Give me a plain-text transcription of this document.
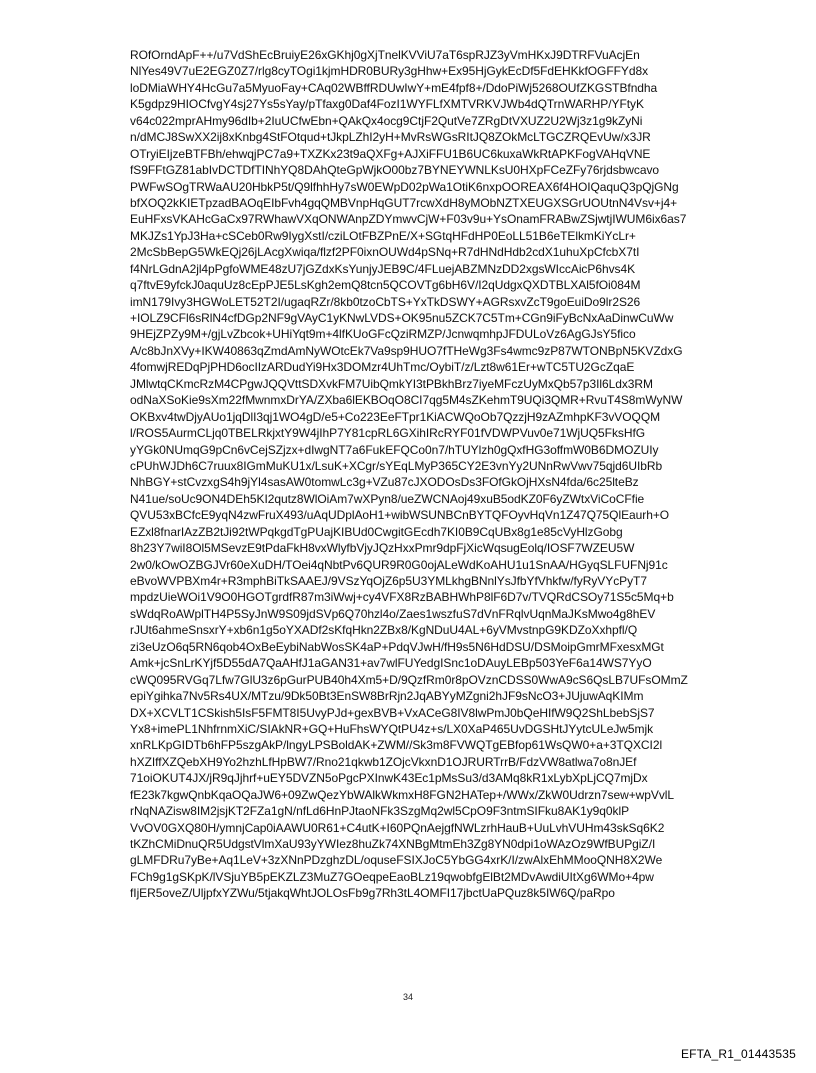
ROfOrndApF++/u7VdShEcBruiyE26xGKhj0gXjTnelKVViU7aT6spRJZ3yVmHKxJ9DTRFVuAcjEn
NlYes49V7uE2EGZ0Z7/rlg8cyTOgi1kjmHDR0BURy3gHhw+Ex95HjGykEcDf5FdEHKkfOGFFYd8x
loDMiaWHY4HcGu7a5MyuoFay+CAq02WBffRDUwIwY+mE4fpf8+/DdoPiWj5268OUfZKGSTBfndha
K5gdpz9HIOCfvgY4sj27Ys5sYay/pTfaxg0Daf4FozI1WYFLfXMTVRKVJWb4dQTrnWARHP/YFtyK
v64c022mprAHmy96dIb+2IuUCfwEbn+QAkQx4ocg9CtjF2QutVe7ZRgDtVXUZ2U2Wj3z1g9kZyNi
n/dMCJ8SwXX2ij8xKnbg4StFOtqud+tJkpLZhI2yH+MvRsWGsRItJQ8ZOkMcLTGCZRQEvUw/x3JR
OTryiEIjzeBTFBh/ehwqjPC7a9+TXZKx23t9aQXFg+AJXiFFU1B6UC6kuxaWkRtAPKFogVAHqVNE
fS9FFtGZ81abIvDCTDfTINhYQ8DAhQteGpWjkO00bz7BYNEYWNLKsU0HXpFCeZFy76rjdsbwcavo
PWFwSOgTRWaAU20HbkP5t/Q9lfhhHy7sW0EWpD02pWa1OtiK6nxpOOREAX6f4HOIQaquQ3pQjGNg
bfXOQ2kKIETpzadBAOqEIbFvh4gqQMBVnpHqGUT7rcwXdH8yMObNZTXEUGXSGrUOUtnN4Vsv+j4+
EuHFxsVKAHcGaCx97RWhawVXqONWAnpZDYmwvCjW+F03v9u+YsOnamFRABwZSjwtjIWUM6ix6as7
MKJZs1YpJ3Ha+cSCeb0Rw9IygXstI/cziLOtFBZPnE/X+SGtqHFdHP0EoLL51B6eTElkmKiYcLr+
2McSbBepG5WkEQj26jLAcgXwiqa/flzf2PF0ixnOUWd4pSNq+R7dHNdHdb2cdX1uhuXpCfcbX7tI
f4NrLGdnA2jl4pPgfoWME48zU7jGZdxKsYunjyJEB9C/4FLuejABZMNzDD2xgsWIccAicP6hvs4K
q7ftvE9yfckJ0aquUz8cEpPJE5LsKgh2emQ8tcn5QCOVTg6bH6V/I2qUdgxQXDTBLXAl5fOi084M
imN179Ivy3HGWoLET52T2I/ugaqRZr/8kb0tzoCbTS+YxTkDSWY+AGRsxvZcT9goEuiDo9lr2S26
+IOLZ9CFl6sRlN4cfDGp2NF9gVAyC1yKNwLVDS+OK95nu5ZCK7C5Tm+CGn9iFyBcNxAaDinwCuWw
9HEjZPZy9M+/gjLvZbcok+UHiYqt9m+4lfKUoGFcQziRMZP/JcnwqmhpJFDULoVz6AgGJsY5fico
A/c8bJnXVy+IKW40863qZmdAmNyWOtcEk7Va9sp9HUO7fTHeWg3Fs4wmc9zP87WTONBpN5KVZdxG
4fomwjREDqPjPHD6ocIIzARDudYi9Hx3DOMzr4UhTmc/OybiT/z/Lzt8w61Er+wTC5TU2GcZqaE
JMlwtqCKmcRzM4CPgwJQQVttSDXvkFM7UibQmkYI3tPBkhBrz7iyeMFczUyMxQb57p3Il6Ldx3RM
odNaXSoKie9sXm22fMwnmxDrYA/ZXba6lEKBOqO8CI7qg5M4sZKehmT9UQi3QMR+RvuT4S8mWyNW
OKBxv4twDjyAUo1jqDlI3qj1WO4gD/e5+Co223EeFTpr1KiACWQoOb7QzzjH9zAZmhpKF3vVOQQM
l/ROS5AurmCLjq0TBELRkjxtY9W4jIhP7Y81cpRL6GXihIRcRYF01fVDWPVuv0e71WjUQ5FksHfG
yYGk0NUmqG9pCn6vCejSZjzx+dIwgNT7a6FukEFQCo0n7/hTUYlzh0gQxfHG3offmW0B6DMOZUIy
cPUhWJDh6C7ruux8IGmMuKU1x/LsuK+XCgr/sYEqLMyP365CY2E3vnYy2UNnRwVwv75qjd6UIbRb
NhBGY+stCvzxgS4h9jYl4sasAW0tomwLc3g+VZu87cJXODOsDs3FOfGkOjHXsN4fda/6c25lteBz
N41ue/soUc9ON4DEh5KI2qutz8WlOiAm7wXPyn8/ueZWCNAoj49xuB5odKZ0F6yZWtxViCoCFfie
QVU53xBCfcE9yqN4zwFruX493/uAqUDplAoH1+wibWSUNBCnBYTQFOyvHqVn1Z47Q75QlEaurh+O
EZxl8fnarIAzZB2tJi92tWPqkgdTgPUajKIBUd0CwgitGEcdh7KI0B9CqUBx8g1e85cVyHlzGobg
8h23Y7wiI8Ol5MSevzE9tPdaFkH8vxWlyfbVjyJQzHxxPmr9dpFjXicWqsugEolq/IOSF7WZEU5W
2w0/kOwOZBGJVr60eXuDH/TOei4qNbtPv6QUR9R0G0ojALeWdKoAHU1u1SnAA/HGyqSLFUFNj91c
eBvoWVPBXm4r+R3mphBiTkSAAEJ/9VSzYqOjZ6p5U3YMLkhgBNnlYsJfbYfVhkfw/fyRyVYcPyT7
mpdzUieWOi1V9O0HGOTgrdfR87m3iWwj+cy4VFX8RzBABHWhP8lF6D7v/TVQRdCSOy71S5c5Mq+b
sWdqRoAWplTH4P5SyJnW9S09jdSVp6Q70hzl4o/Zaes1wszfuS7dVnFRqlvUqnMaJKsMwo4g8hEV
rJUt6ahmeSnsxrY+xb6n1g5oYXADf2sKfqHkn2ZBx8/KgNDuU4AL+6yVMvstnpG9KDZoXxhpfl/Q
zi3eUzO6q5RN6qob4OxBeEybiNabWosSK4aP+PdqVJwH/fH9s5N6HdDSU/DSMoipGmrMFxesxMGt
Amk+jcSnLrKYjf5D55dA7QaAHfJ1aGAN31+av7wlFUYedgISnc1oDAuyLEBp503YeF6a14WS7YyO
cWQ095RVGq7Lfw7GlU3z6pGurPUB40h4Xm5+D/9QzfRm0r8pOVznCDSS0WwA9cS6QsLB7UFsOMmZ
epiYgihka7Nv5Rs4UX/MTzu/9Dk50Bt3EnSW8BrRjn2JqABYyMZgni2hJF9sNcO3+JUjuwAqKIMm
DX+XCVLT1CSkish5IsF5FMT8I5UvyPJd+gexBVB+VxACeG8IV8lwPmJ0bQeHIfW9Q2ShLbebSjS7
Yx8+imePL1NhfrnmXiC/SIAkNR+GQ+HuFhsWYQtPU4z+s/LX0XaP465UvDGSHtJYytcULeJw5mjk
xnRLKpGIDTb6hFP5szgAkP/lngyLPSBoldAK+ZWM//Sk3m8FVWQTgEBfop61WsQW0+a+3TQXCI2l
hXZIffXZQebXH9Yo2hzhLfHpBW7/Rno21qkwb1ZOjcVkxnD1OJRURTrrB/FdzVW8atlwa7o8nJEf
71oiOKUT4JX/jR9qJjhrf+uEY5DVZN5oPgcPXInwK43Ec1pMsSu3/d3AMq8kR1xLybXpLjCQ7mjDx
fE23k7kgwQnbKqaOQaJW6+09ZwQezYbWAlkWkmxH8FGN2HATep+/WWx/ZkW0Udrzn7sew+wpVvlL
rNqNAZisw8IM2jsjKT2FZa1gN/nfLd6HnPJtaoNFk3SzgMq2wl5CpO9F3ntmSIFku8AK1y9q0klP
VvOV0GXQ80H/ymnjCap0iAAWU0R61+C4utK+I60PQnAejgfNWLzrhHauB+UuLvhVUHm43skSq6K2
tKZhCMiDnuQR5UdgstVlmXaU93yYWIez8huZk74XNBgMtmEh3Zg8YN0dpi1oWAzOz9WfBUPgiZ/I
gLMFDRu7yBe+Aq1LeV+3zXNnPDzghzDL/oquseFSIXJoC5YbGG4xrK/I/zwAlxEhMMooQNH8X2We
FCh9g1gSKpK/lVSjuYB5pEKZLZ3MuZ7GOeqpeEaoBLz19qwobfgElBt2MDvAwdiUItXg6WMo+4pw
fIjER5oveZ/UljpfxYZWu/5tjakqWhtJOLOsFb9g7Rh3tL4OMFI17jbctUaPQuz8k5IW6Q/paRpo
34
EFTA_R1_01443535
